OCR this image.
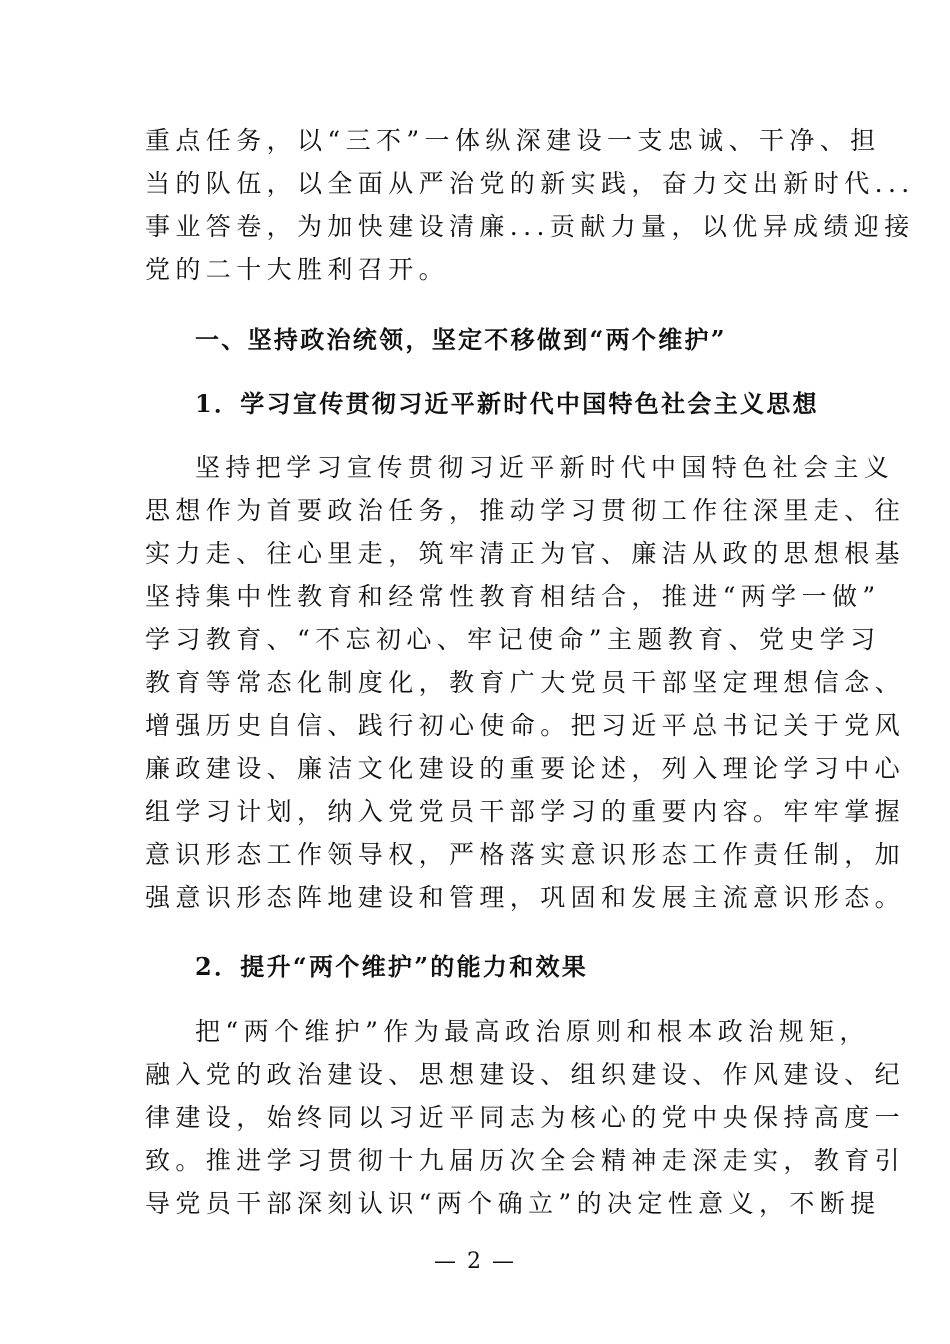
重点任务，以“三不”一体纵深建设一支忠诚、干净、担
当的队伍，以全面从严治党的新实践，奋力交出新时代...
事业答卷，为加快建设清廉...贡献力量，以优异成绩迎接
党的二十大胜利召开。
一、坚持政治统领，坚定不移做到“两个维护”
1．学习宣传贯彻习近平新时代中国特色社会主义思想
坚持把学习宣传贯彻习近平新时代中国特色社会主义
思想作为首要政治任务，推动学习贯彻工作往深里走、往
实力走、往心里走，筑牢清正为官、廉洁从政的思想根基
坚持集中性教育和经常性教育相结合，推进“两学一做”
学习教育、“不忘初心、牢记使命”主题教育、党史学习
教育等常态化制度化，教育广大党员干部坚定理想信念、
增强历史自信、践行初心使命。把习近平总书记关于党风
廉政建设、廉洁文化建设的重要论述，列入理论学习中心
组学习计划，纳入党党员干部学习的重要内容。牢牢掌握
意识形态工作领导权，严格落实意识形态工作责任制，加
强意识形态阵地建设和管理，巩固和发展主流意识形态。
2．提升“两个维护”的能力和效果
把“两个维护”作为最高政治原则和根本政治规矩，
融入党的政治建设、思想建设、组织建设、作风建设、纪
律建设，始终同以习近平同志为核心的党中央保持高度一
致。推进学习贯彻十九届历次全会精神走深走实，教育引
导党员干部深刻认识“两个确立”的决定性意义，不断提
— 2 —
